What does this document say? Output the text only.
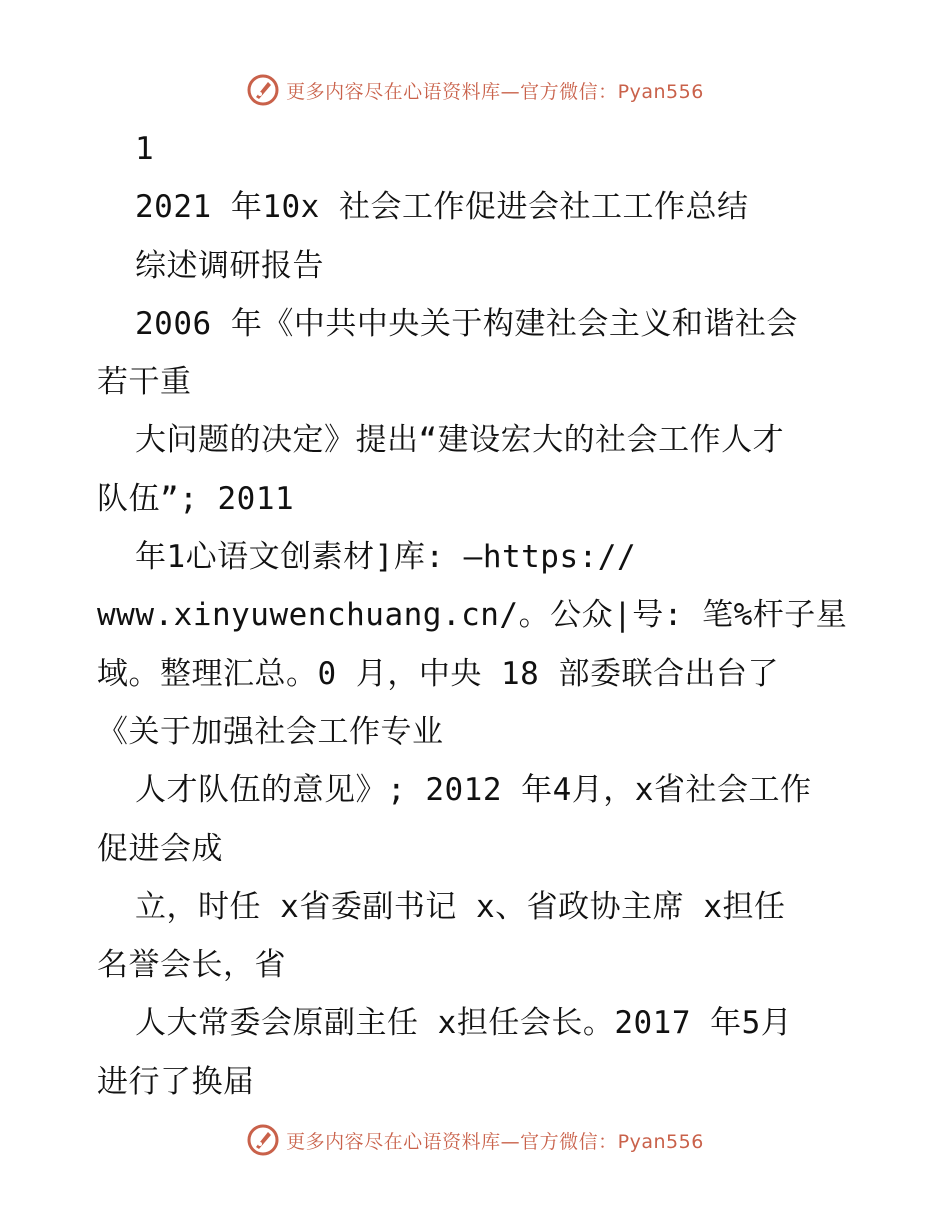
更多内容尽在心语资料库—官方微信：Pyan556
1
2021 年10x 社会工作促进会社工工作总结
综述调研报告
2006 年《中共中央关于构建社会主义和谐社会
若干重
大问题的决定》提出“建设宏大的社会工作人才
队伍”; 2011
年1心语文创素材]库: —https://
www.xinyuwenchuang.cn/。公众|号: 笔%杆子星
域。整理汇总。0 月，中央 18 部委联合出台了
《关于加强社会工作专业
人才队伍的意见》; 2012 年4月，x省社会工作
促进会成
立，时任 x省委副书记 x、省政协主席 x担任
名誉会长，省
人大常委会原副主任 x担任会长。2017 年5月
进行了换届
更多内容尽在心语资料库—官方微信：Pyan556
